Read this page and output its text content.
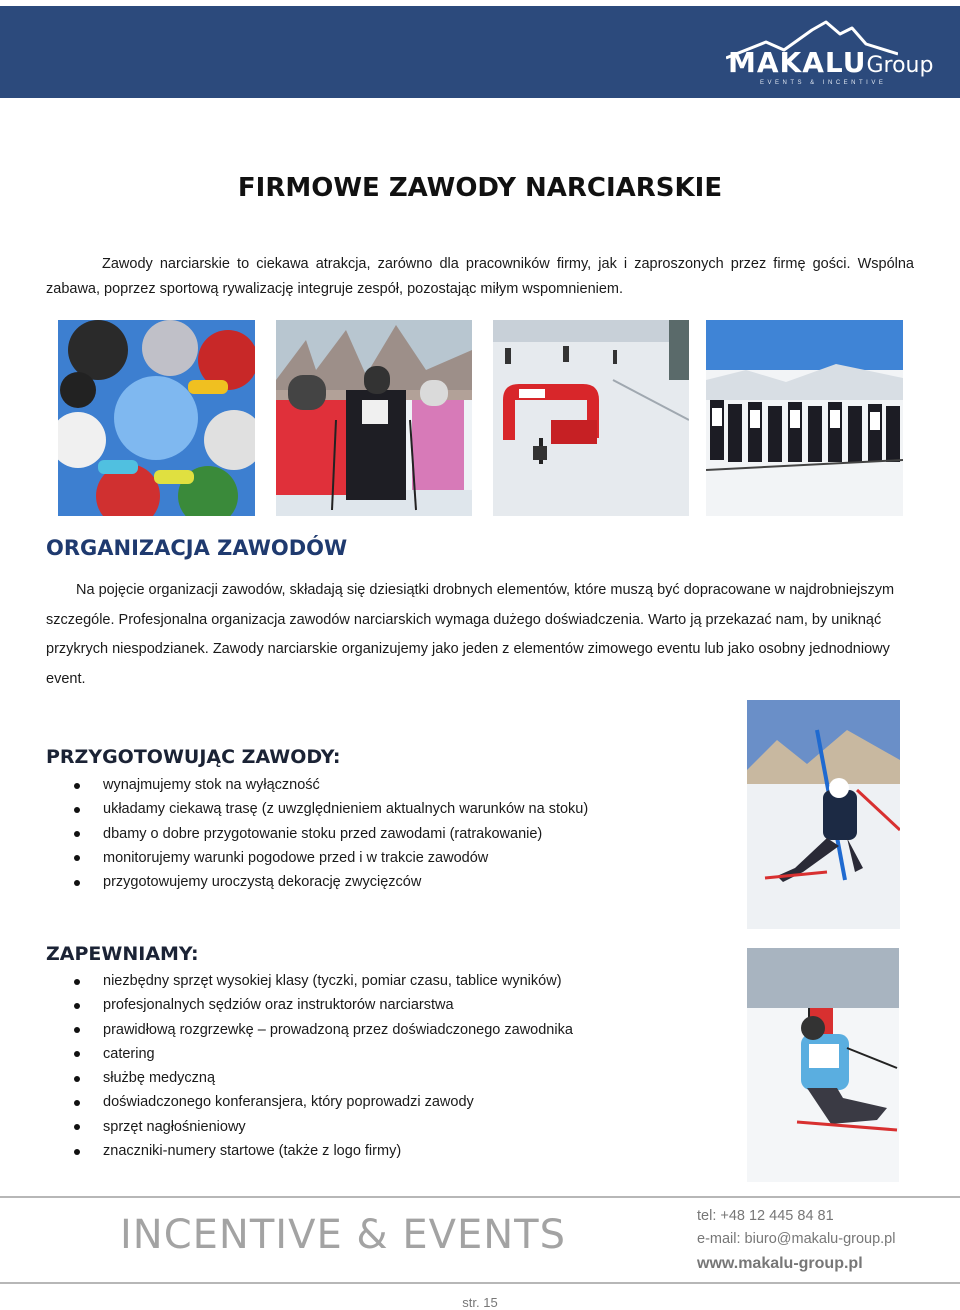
MAKALUGroup
EVENTS & INCENTIVE
FIRMOWE ZAWODY NARCIARSKIE

Zawody narciarskie to ciekawa atrakcja, zarówno dla pracowników firmy, jak i zaproszonych przez firmę gości. Wspólna zabawa, poprzez sportową rywalizację integruje zespół, pozostając miłym wspomnieniem.

ORGANIZACJA ZAWODÓW

Na pojęcie organizacji zawodów, składają się dziesiątki drobnych elementów, które muszą być dopracowane w najdrobniejszym szczególe. Profesjonalna organizacja zawodów narciarskich wymaga dużego doświadczenia. Warto ją przekazać nam, by uniknąć przykrych niespodzianek. Zawody narciarskie organizujemy jako jeden z elementów zimowego eventu lub jako osobny jednodniowy event.

PRZYGOTOWUJĄC ZAWODY:
wynajmujemy stok na wyłączność
układamy ciekawą trasę (z uwzględnieniem aktualnych warunków na stoku)
dbamy o dobre przygotowanie stoku przed zawodami (ratrakowanie)
monitorujemy warunki pogodowe przed i w trakcie zawodów
przygotowujemy uroczystą dekorację zwycięzców
ZAPEWNIAMY:
niezbędny sprzęt wysokiej klasy (tyczki, pomiar czasu, tablice wyników)
profesjonalnych sędziów oraz instruktorów narciarstwa
prawidłową rozgrzewkę – prowadzoną przez doświadczonego zawodnika
catering
służbę medyczną
doświadczonego konferansjera, który poprowadzi zawody
sprzęt nagłośnieniowy
znaczniki-numery startowe (także z logo firmy)
INCENTIVE & EVENTS	tel: +48 12 445 84 81
e-mail: biuro@makalu-group.pl
www.makalu-group.pl
str. 15
